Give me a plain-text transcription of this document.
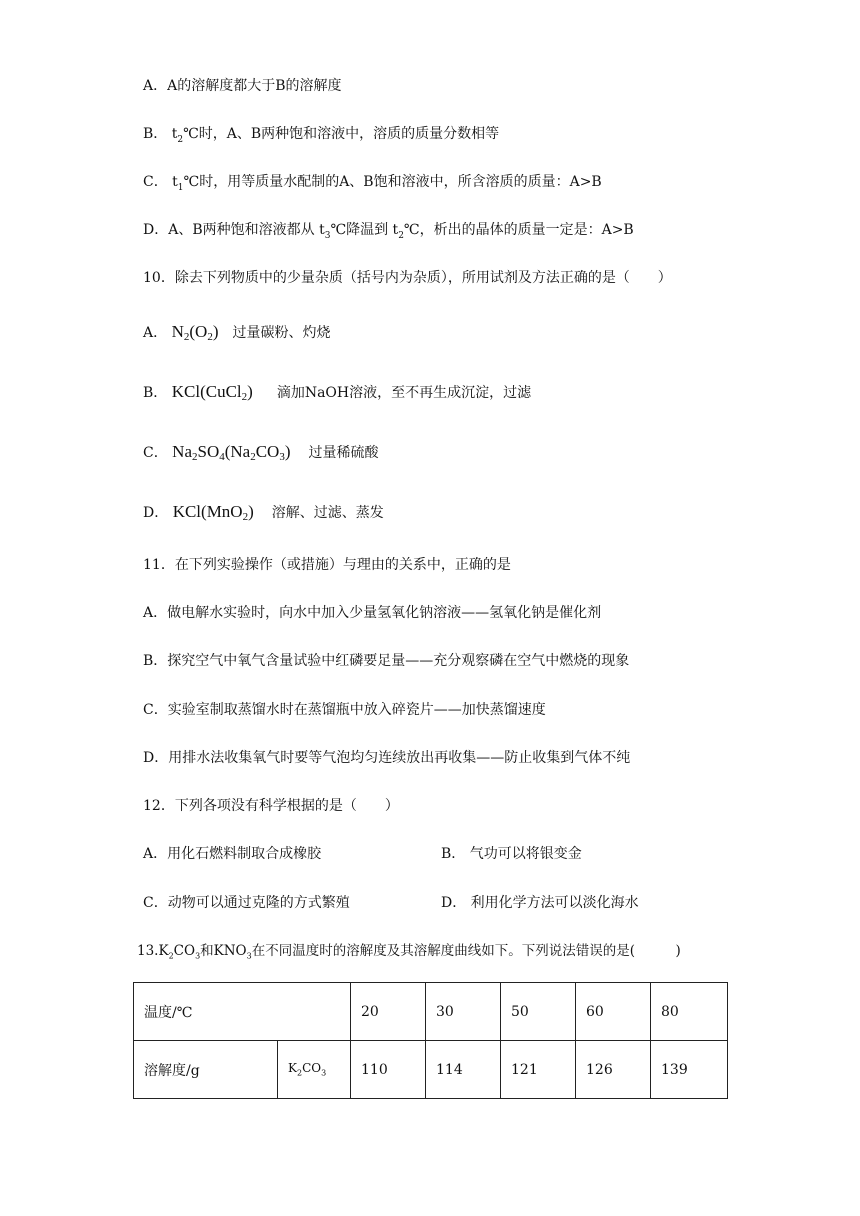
A．A的溶解度都大于B的溶解度
B． $t_2℃$时，A、B两种饱和溶液中，溶质的质量分数相等
C． $t_1℃$时，用等质量水配制的A、B饱和溶液中，所含溶质的质量：A>B
D．A、B两种饱和溶液都从 $t_3℃$降温到 $t_2℃$，析出的晶体的质量一定是：A>B
10．除去下列物质中的少量杂质（括号内为杂质），所用试剂及方法正确的是（　　）
A． $N_2(O_2)$ 过量碳粉、灼烧
B． KCl(CuCl$_2$) 滴加NaOH溶液，至不再生成沉淀，过滤
C． $Na_2SO_4(Na_2CO_3)$ 过量稀硫酸
D． KCl(MnO$_2$) 溶解、过滤、蒸发
11．在下列实验操作（或措施）与理由的关系中，正确的是
A．做电解水实验时，向水中加入少量氢氧化钠溶液——氢氧化钠是催化剂
B．探究空气中氧气含量试验中红磷要足量——充分观察磷在空气中燃烧的现象
C．实验室制取蒸馏水时在蒸馏瓶中放入碎瓷片——加快蒸馏速度
D．用排水法收集氧气时要等气泡均匀连续放出再收集——防止收集到气体不纯
12．下列各项没有科学根据的是（　　）
A．用化石燃料制取合成橡胶	B． 气功可以将银变金
C．动物可以通过克隆的方式繁殖	D． 利用化学方法可以淡化海水
$13.K_2CO_3$和$KNO_3$在不同温度时的溶解度及其溶解度曲线如下。下列说法错误的是(　　　)
温度/℃		20	30	50	60	80
溶解度/g	$K_2CO_3$	110	114	121	126	139
